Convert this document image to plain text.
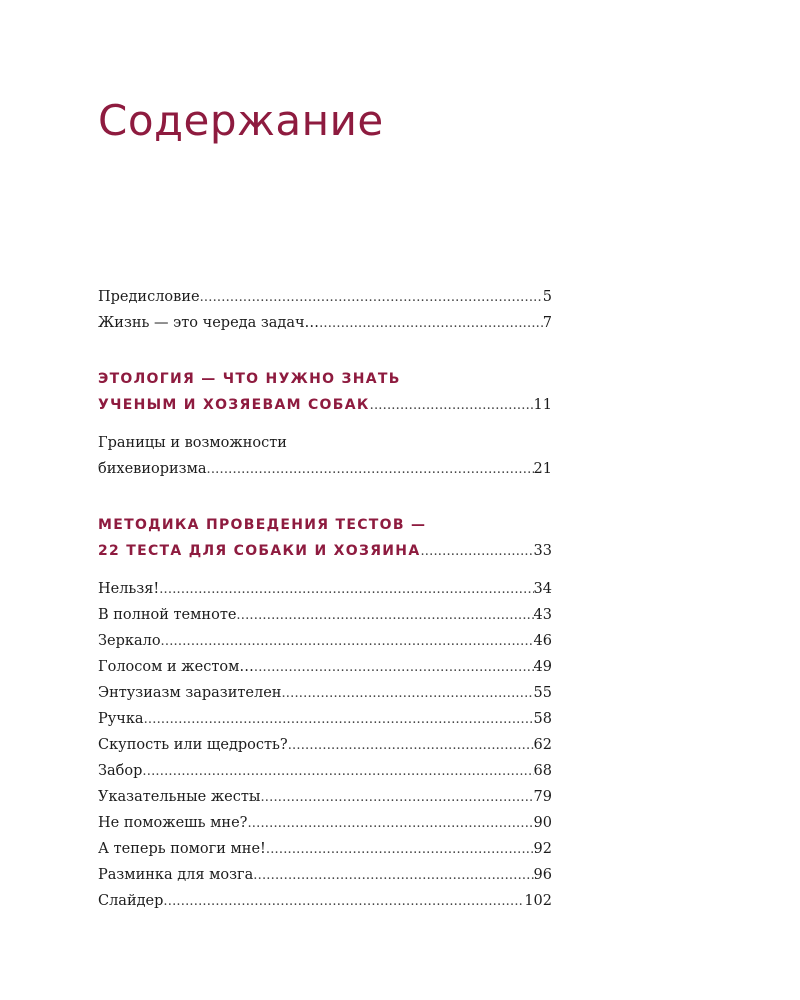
Содержание
Предисловие .....	5
Жизнь — это череда задач… .....	7
ЭТОЛОГИЯ — ЧТО НУЖНО ЗНАТЬ
УЧЕНЫМ И ХОЗЯЕВАМ СОБАК .....	11
Границы и возможности
бихевиоризма .....	21
МЕТОДИКА ПРОВЕДЕНИЯ ТЕСТОВ —
22 ТЕСТА ДЛЯ СОБАКИ И ХОЗЯИНА .....	33
Нельзя! .....	34
В полной темноте .....	43
Зеркало .....	46
Голосом и жестом… .....	49
Энтузиазм заразителен .....	55
Ручка .....	58
Скупость или щедрость? .....	62
Забор .....	68
Указательные жесты .....	79
Не поможешь мне? .....	90
А теперь помоги мне! .....	92
Разминка для мозга .....	96
Слайдер .....	102
